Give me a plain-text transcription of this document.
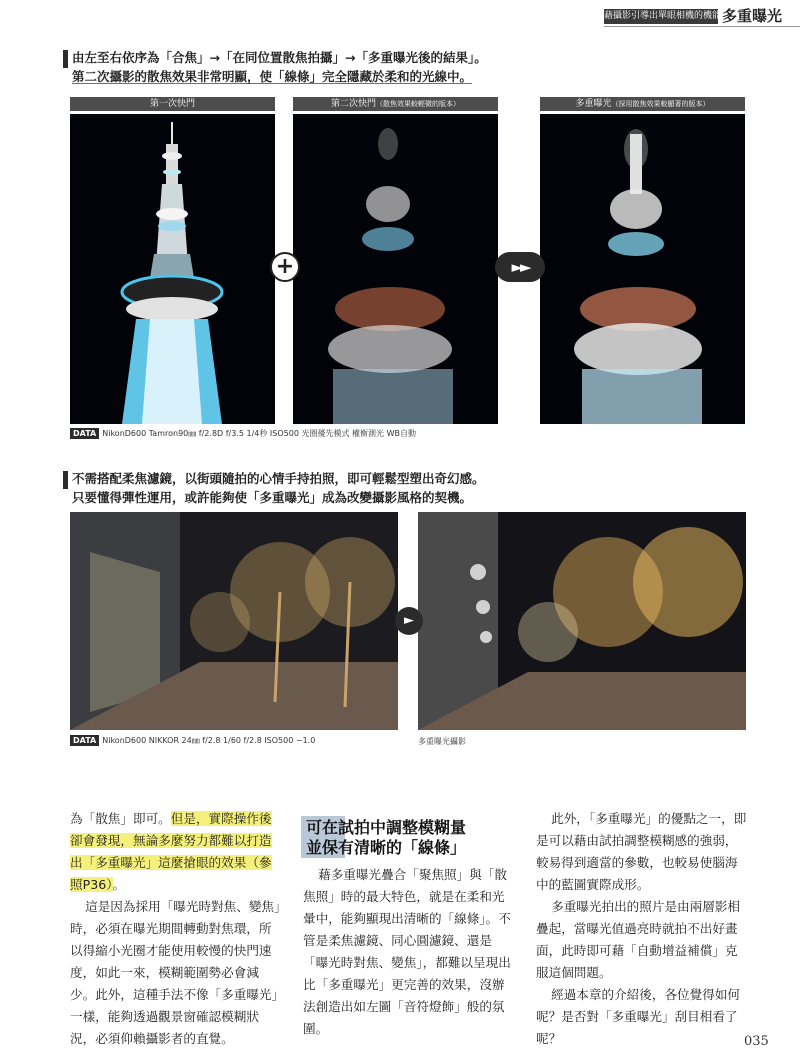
藉攝影引導出單眼相機的機能 多重曝光
由左至右依序為「合焦」→「在同位置散焦拍攝」→「多重曝光後的結果」。
第二次攝影的散焦效果非常明顯，使「線條」完全隱藏於柔和的光線中。
第一次快門	第二次快門（散焦效果較輕微的版本）	多重曝光（採用散焦效果較顯著的版本）
+	►►
DATA NikonD600 Tamron90㎜ f/2.8D f/3.5 1/4秒 ISO500 光圈優先模式 權衡測光 WB自動
不需搭配柔焦濾鏡，以街頭隨拍的心情手持拍照，即可輕鬆型塑出奇幻感。
只要懂得彈性運用，或許能夠使「多重曝光」成為改變攝影風格的契機。
►
DATA NikonD600 NIKKOR 24㎜ f/2.8 1/60 f/2.8 ISO500 −1.0	多重曝光攝影

為「散焦」即可。但是，實際操作後卻會發現，無論多麼努力都難以打造出「多重曝光」這麼搶眼的效果（參照P36）。

這是因為採用「曝光時對焦、變焦」時，必須在曝光期間轉動對焦環，所以得縮小光圈才能使用較慢的快門速度，如此一來，模糊範圍勢必會減少。此外，這種手法不像「多重曝光」一樣，能夠透過觀景窗確認模糊狀況，必須仰賴攝影者的直覺。

可在試拍中調整模糊量
並保有清晰的「線條」

藉多重曝光疊合「聚焦照」與「散焦照」時的最大特色，就是在柔和光暈中，能夠顯現出清晰的「線條」。不管是柔焦濾鏡、同心圓濾鏡、還是「曝光時對焦、變焦」，都難以呈現出比「多重曝光」更完善的效果，沒辦法創造出如左圖「音符燈飾」般的氛圍。

此外，「多重曝光」的優點之一，即是可以藉由試拍調整模糊感的強弱，較易得到適當的參數，也較易使腦海中的藍圖實際成形。

多重曝光拍出的照片是由兩層影相疊起，當曝光值過亮時就拍不出好畫面，此時即可藉「自動增益補償」克服這個問題。

經過本章的介紹後，各位覺得如何呢？是否對「多重曝光」刮目相看了呢？	035
